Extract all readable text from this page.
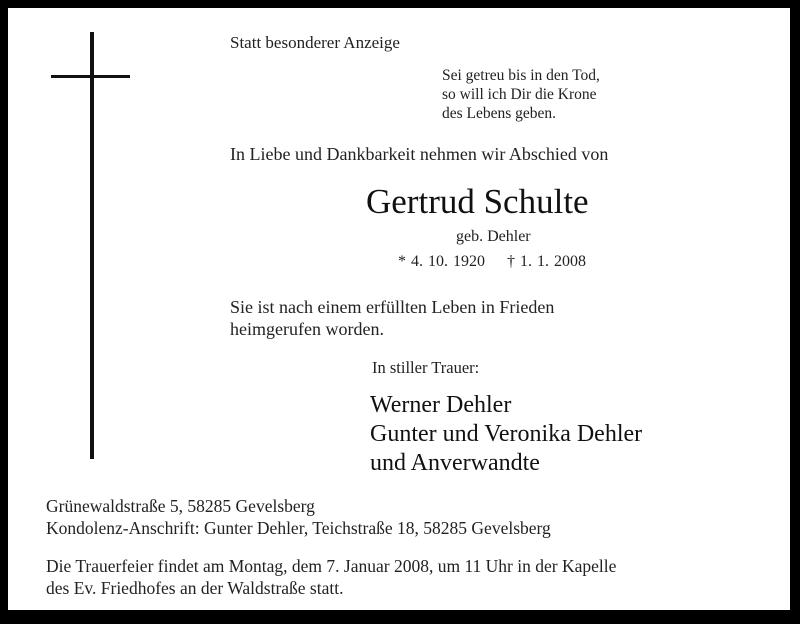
Statt besonderer Anzeige
Sei getreu bis in den Tod,
so will ich Dir die Krone
des Lebens geben.
In Liebe und Dankbarkeit nehmen wir Abschied von
Gertrud Schulte
geb. Dehler
* 4. 10. 1920 † 1. 1. 2008
Sie ist nach einem erfüllten Leben in Frieden
heimgerufen worden.
In stiller Trauer:
Werner Dehler
Gunter und Veronika Dehler
und Anverwandte
Grünewaldstraße 5, 58285 Gevelsberg
Kondolenz-Anschrift: Gunter Dehler, Teichstraße 18, 58285 Gevelsberg
Die Trauerfeier findet am Montag, dem 7. Januar 2008, um 11 Uhr in der Kapelle
des Ev. Friedhofes an der Waldstraße statt.
